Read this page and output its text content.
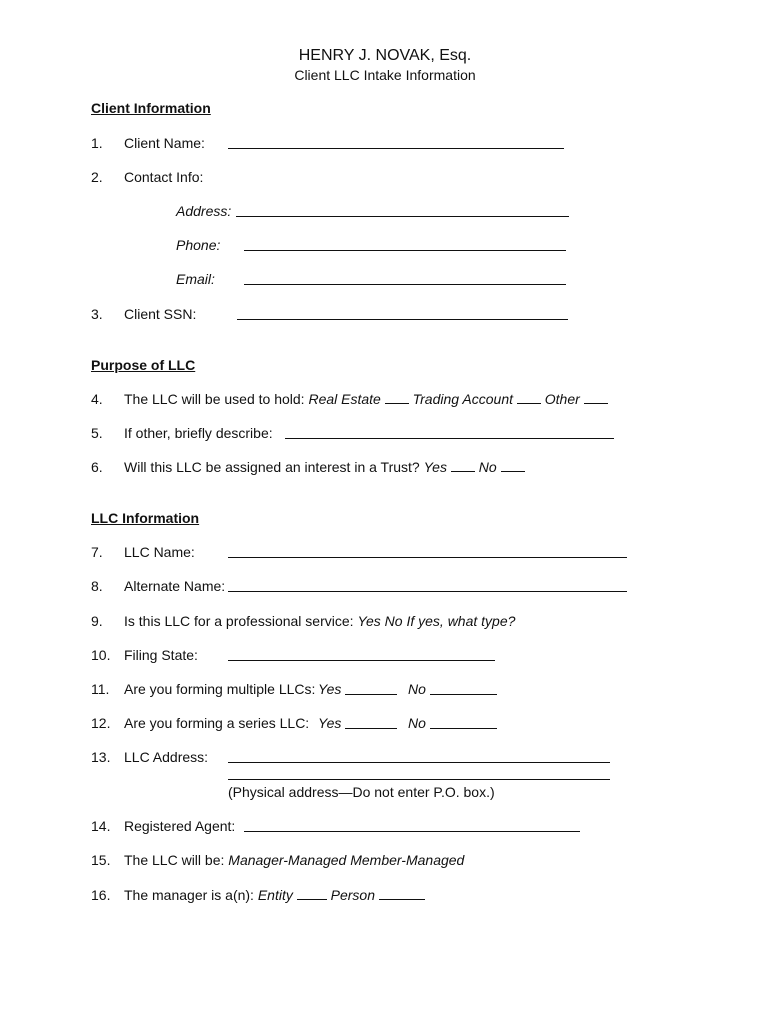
HENRY J. NOVAK, Esq.
Client LLC Intake Information
Client Information
1. Client Name:
2. Contact Info:
Address:
Phone:
Email:
3. Client SSN:
Purpose of LLC
4. The LLC will be used to hold: Real Estate Trading Account Other
5. If other, briefly describe:
6. Will this LLC be assigned an interest in a Trust? Yes No
LLC Information
7. LLC Name:
8. Alternate Name:
9. Is this LLC for a professional service: Yes No If yes, what type?
10. Filing State:
11. Are you forming multiple LLCs: Yes	No
12. Are you forming a series LLC: Yes	No
13. LLC Address:
(Physical address—Do not enter P.O. box.)
14. Registered Agent:
15. The LLC will be: Manager-Managed Member-Managed
16. The manager is a(n): Entity	Person
